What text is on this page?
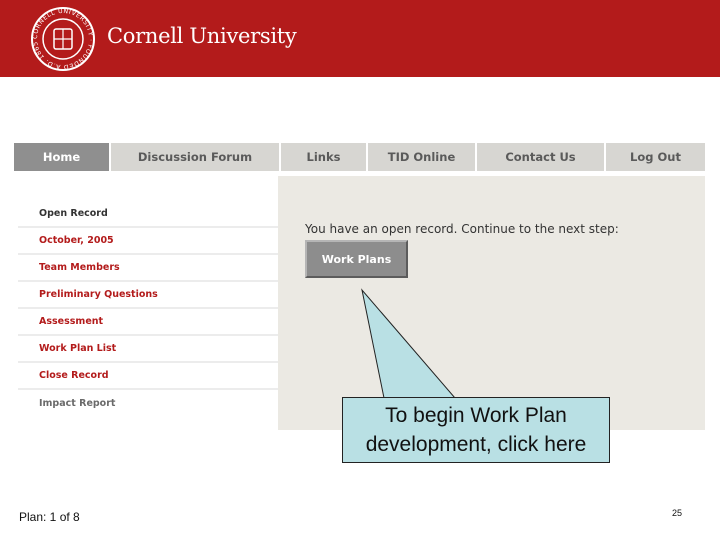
CORNELL UNIVERSITY · FOUNDED A.D. 1865	Cornell University
Home	Discussion Forum	Links	TID Online	Contact Us	Log Out
Open Record
October, 2005
Team Members
Preliminary Questions
Assessment
Work Plan List
Close Record
Impact Report
You have an open record. Continue to the next step:
Work Plans
To begin Work Plan development, click here
Plan: 1 of 8	25
